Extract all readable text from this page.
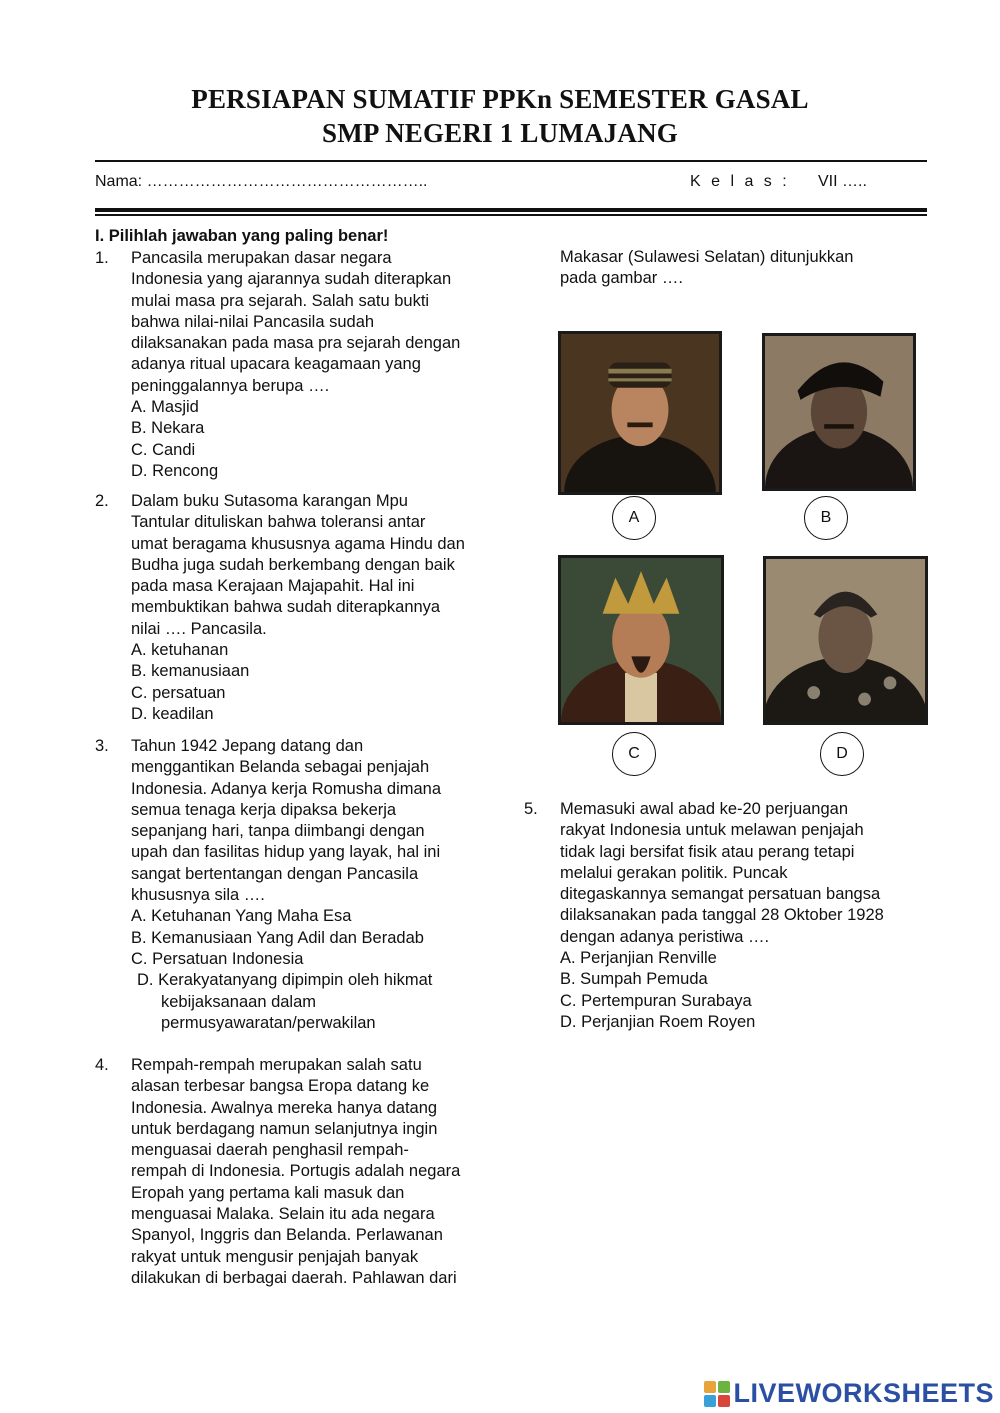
PERSIAPAN SUMATIF PPKn SEMESTER GASAL
SMP NEGERI 1 LUMAJANG
Nama: ……………………………………………..	K e l a s : VII …..
I. Pilihlah jawaban yang paling benar!
1. Pancasila merupakan dasar negara
Indonesia yang ajarannya sudah diterapkan
mulai masa pra sejarah. Salah satu bukti
bahwa nilai-nilai Pancasila sudah
dilaksanakan pada masa pra sejarah dengan
adanya ritual upacara keagamaan yang
peninggalannya berupa ….
A. Masjid
B. Nekara
C. Candi
D. Rencong
2. Dalam buku Sutasoma karangan Mpu
Tantular dituliskan bahwa toleransi antar
umat beragama khususnya agama Hindu dan
Budha juga sudah berkembang dengan baik
pada masa Kerajaan Majapahit. Hal ini
membuktikan bahwa sudah diterapkannya
nilai …. Pancasila.
A. ketuhanan
B. kemanusiaan
C. persatuan
D. keadilan
3. Tahun 1942 Jepang datang dan
menggantikan Belanda sebagai penjajah
Indonesia. Adanya kerja Romusha dimana
semua tenaga kerja dipaksa bekerja
sepanjang hari, tanpa diimbangi dengan
upah dan fasilitas hidup yang layak, hal ini
sangat bertentangan dengan Pancasila
khususnya sila ….
A. Ketuhanan Yang Maha Esa
B. Kemanusiaan Yang Adil dan Beradab
C. Persatuan Indonesia
D. Kerakyatanyang dipimpin oleh hikmat
kebijaksanaan dalam
permusyawaratan/perwakilan
4. Rempah-rempah merupakan salah satu
alasan terbesar bangsa Eropa datang ke
Indonesia. Awalnya mereka hanya datang
untuk berdagang namun selanjutnya ingin
menguasai daerah penghasil rempah-
rempah di Indonesia. Portugis adalah negara
Eropah yang pertama kali masuk dan
menguasai Malaka. Selain itu ada negara
Spanyol, Inggris dan Belanda. Perlawanan
rakyat untuk mengusir penjajah banyak
dilakukan di berbagai daerah. Pahlawan dari
Makasar (Sulawesi Selatan) ditunjukkan
pada gambar ….
A	B
C	D
5. Memasuki awal abad ke-20 perjuangan
rakyat Indonesia untuk melawan penjajah
tidak lagi bersifat fisik atau perang tetapi
melalui gerakan politik. Puncak
ditegaskannya semangat persatuan bangsa
dilaksanakan pada tanggal 28 Oktober 1928
dengan adanya peristiwa ….
A. Perjanjian Renville
B. Sumpah Pemuda
C. Pertempuran Surabaya
D. Perjanjian Roem Royen
LIVEWORKSHEETS
